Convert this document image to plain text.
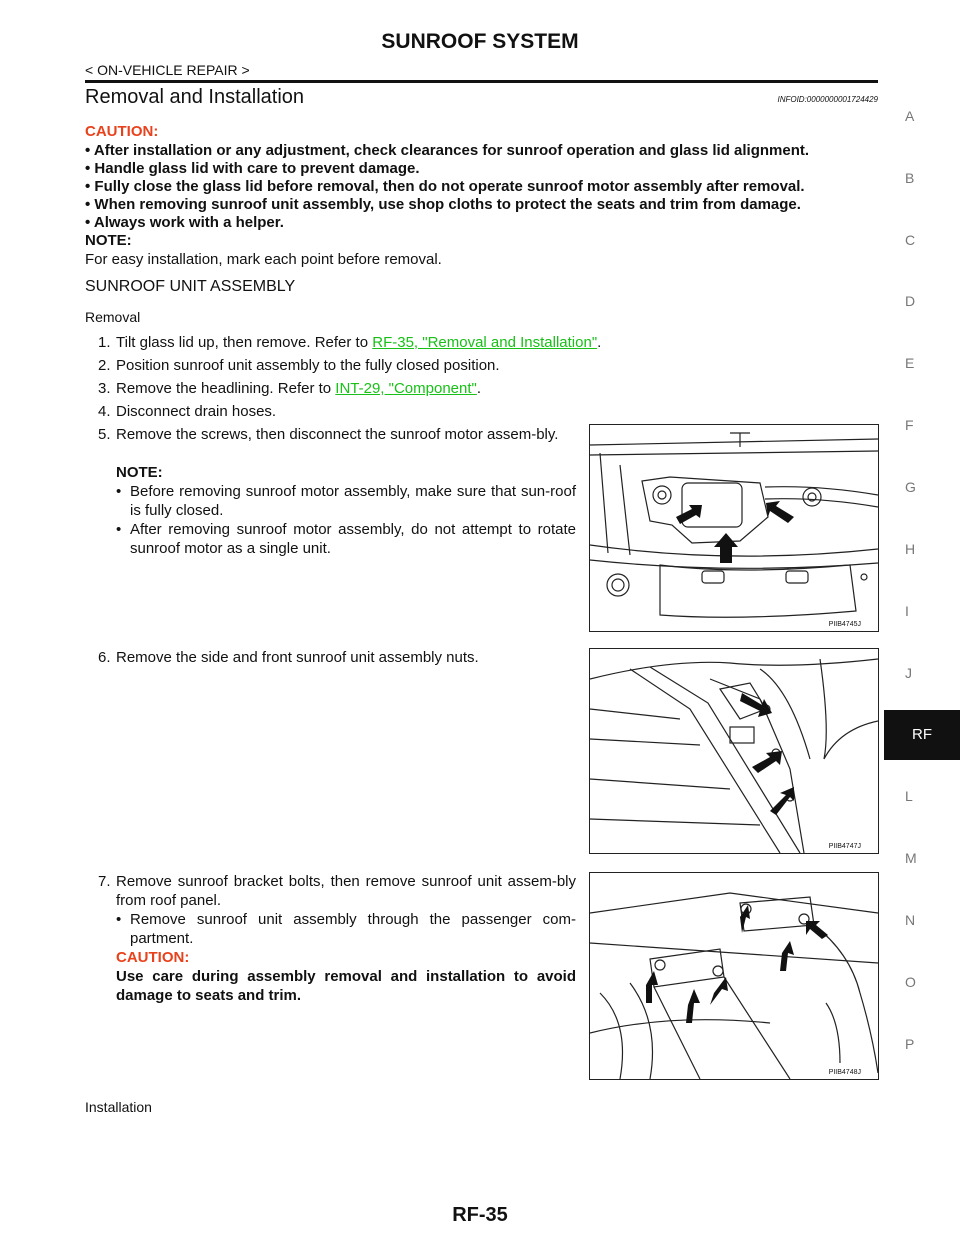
SUNROOF SYSTEM
< ON-VEHICLE REPAIR >
Removal and Installation	INFOID:0000000001724429
CAUTION:
• After installation or any adjustment, check clearances for sunroof operation and glass lid alignment.
• Handle glass lid with care to prevent damage.
• Fully close the glass lid before removal, then do not operate sunroof motor assembly after removal.
• When removing sunroof unit assembly, use shop cloths to protect the seats and trim from damage.
• Always work with a helper.
NOTE:
For easy installation, mark each point before removal.
SUNROOF UNIT ASSEMBLY
Removal
1. Tilt glass lid up, then remove. Refer to RF-35, "Removal and Installation".
2. Position sunroof unit assembly to the fully closed position.
3. Remove the headlining. Refer to INT-29, "Component".
4. Disconnect drain hoses.
5. Remove the screws, then disconnect the sunroof motor assem-bly.
NOTE:
• Before removing sunroof motor assembly, make sure that sun-roof is fully closed.
• After removing sunroof motor assembly, do not attempt to rotate sunroof motor as a single unit.
6. Remove the side and front sunroof unit assembly nuts.
7. Remove sunroof bracket bolts, then remove sunroof unit assem-bly from roof panel.
• Remove sunroof unit assembly through the passenger com-partment.
CAUTION:
Use care during assembly removal and installation to avoid damage to seats and trim.
Installation
PIIB4745J
PIIB4747J
PIIB4748J
A
B
C
D
E
F
G
H
I
J
RF
L
M
N
O
P
RF-35
